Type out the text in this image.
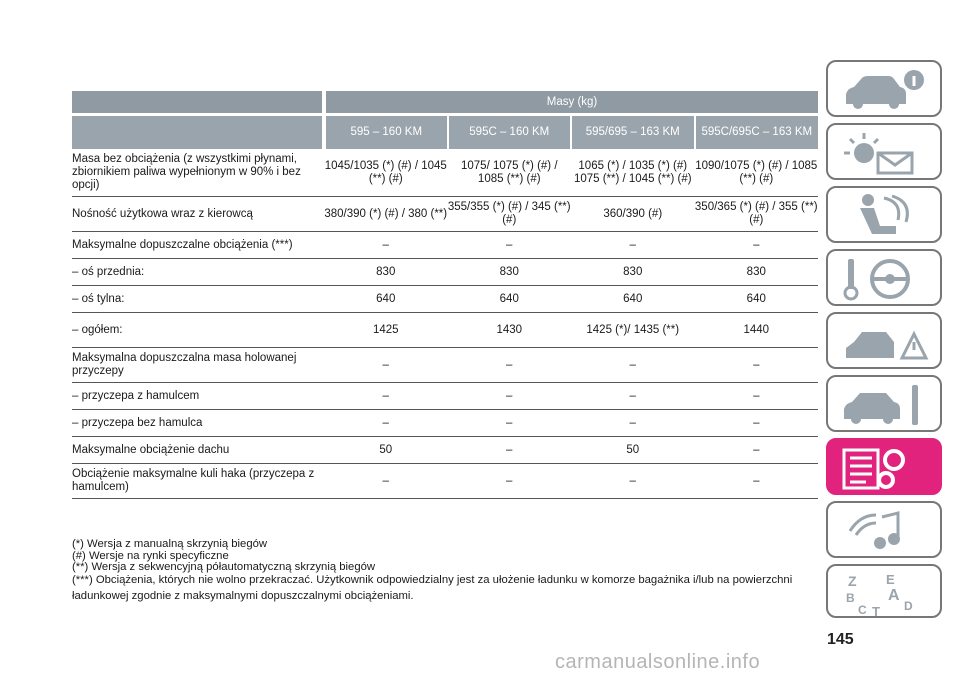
	Masy (kg)			
	595 – 160 KM	595C – 160 KM	595/695 – 163 KM	595C/695C – 163 KM
Masa bez obciążenia (z wszystkimi płynami, zbiornikiem paliwa wypełnionym w 90% i bez opcji)	1045/1035 (*) (#) / 1045 (**) (#)	1075/ 1075 (*) (#) / 1085 (**) (#)	1065 (*) / 1035 (*) (#) 1075 (**) / 1045 (**) (#)	1090/1075 (*) (#) / 1085 (**) (#)
Nośność użytkowa wraz z kierowcą	380/390 (*) (#) / 380 (**)	355/355 (*) (#) / 345 (**) (#)	360/390 (#)	350/365 (*) (#) / 355 (**) (#)
Maksymalne dopuszczalne obciążenia (***)	–	–	–	–
– oś przednia:	830	830	830	830
– oś tylna:	640	640	640	640
– ogółem:	1425	1430	1425 (*)/ 1435 (**)	1440
Maksymalna dopuszczalna masa holowanej przyczepy	–	–	–	–
– przyczepa z hamulcem	–	–	–	–
– przyczepa bez hamulca	–	–	–	–
Maksymalne obciążenie dachu	50	–	50	–
Obciążenie maksymalne kuli haka (przyczepa z hamulcem)	–	–	–	–
(*) Wersja z manualną skrzynią biegów
(#) Wersje na rynki specyficzne
(**) Wersja z sekwencyjną półautomatyczną skrzynią biegów
(***) Obciążenia, których nie wolno przekraczać. Użytkownik odpowiedzialny jest za ułożenie ładunku w komorze bagażnika i/lub na powierzchni ładunkowej zgodnie z maksymalnymi dopuszczalnymi obciążeniami.
Z E
B A
C T D
145
carmanualsonline.info
